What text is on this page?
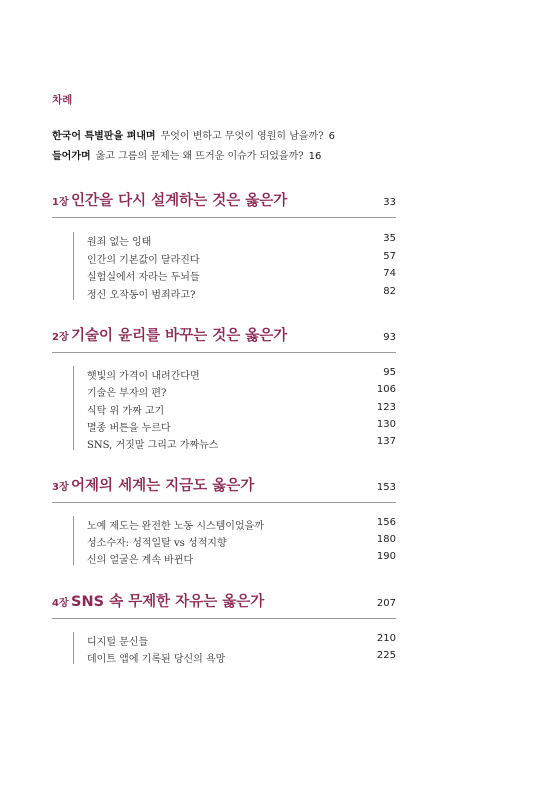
차례
한국어 특별판을 펴내며 무엇이 변하고 무엇이 영원히 남을까? 6
들어가며 옳고 그름의 문제는 왜 뜨거운 이슈가 되었을까? 16
1장 인간을 다시 설계하는 것은 옳은가	33
원죄 없는 잉태	35
인간의 기본값이 달라진다	57
실험실에서 자라는 두뇌들	74
정신 오작동이 범죄라고?	82
2장 기술이 윤리를 바꾸는 것은 옳은가	93
햇빛의 가격이 내려간다면	95
기술은 부자의 편?	106
식탁 위 가짜 고기	123
멸종 버튼을 누르다	130
SNS, 거짓말 그리고 가짜뉴스	137
3장 어제의 세계는 지금도 옳은가	153
노예 제도는 완전한 노동 시스템이었을까	156
성소수자: 성적일탈 vs 성적지향	180
신의 얼굴은 계속 바뀐다	190
4장 SNS 속 무제한 자유는 옳은가	207
디지털 문신들	210
데이트 앱에 기록된 당신의 욕망	225
